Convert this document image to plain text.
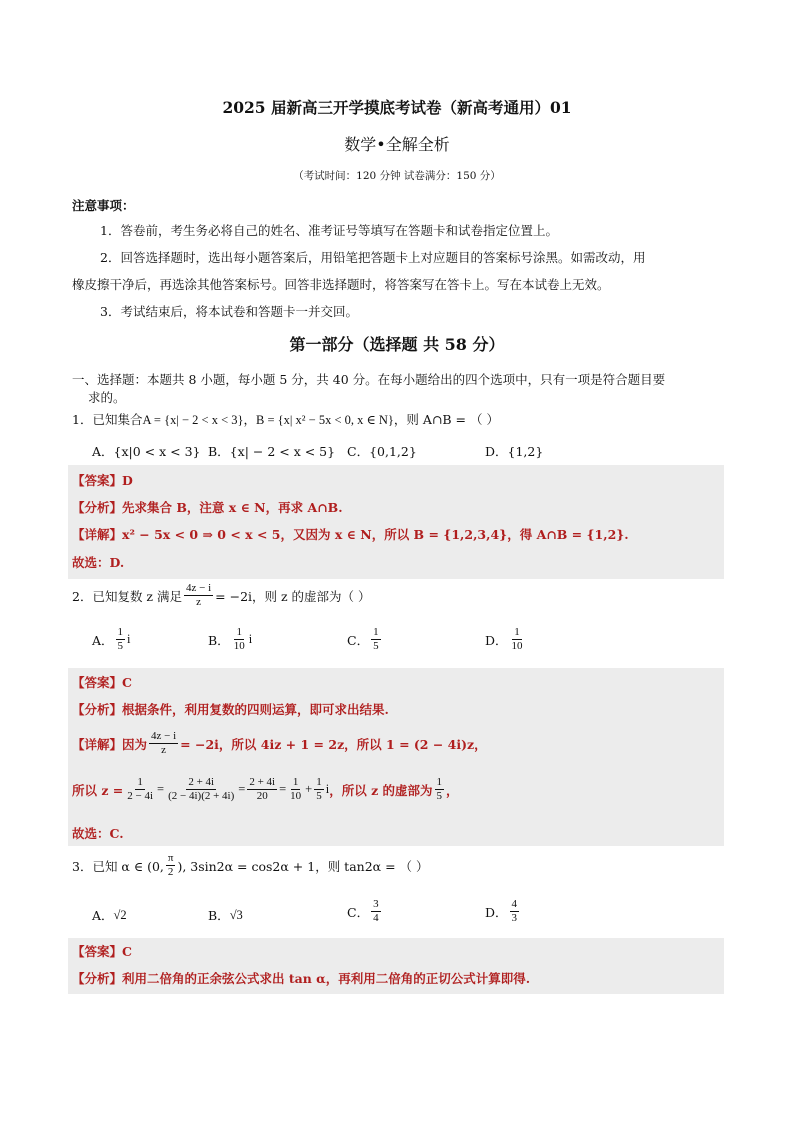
2025 届新高三开学摸底考试卷（新高考通用）01
数学•全解全析
（考试时间：120 分钟 试卷满分：150 分）
注意事项：
1．答卷前，考生务必将自己的姓名、准考证号等填写在答题卡和试卷指定位置上。
2．回答选择题时，选出每小题答案后，用铅笔把答题卡上对应题目的答案标号涂黑。如需改动，用
橡皮擦干净后，再选涂其他答案标号。回答非选择题时，将答案写在答卡上。写在本试卷上无效。
3．考试结束后，将本试卷和答题卡一并交回。
第一部分（选择题 共 58 分）
一、选择题：本题共 8 小题，每小题 5 分，共 40 分。在每小题给出的四个选项中，只有一项是符合题目要
求的。
1．已知集合A = {x| − 2 < x < 3}，B = {x| x² − 5x < 0, x ∈ N}，则 A∩B = （ ）
A．{x|0 < x < 3} B．{x| − 2 < x < 5} C．{0,1,2}	D．{1,2}
【答案】D
【分析】先求集合 B，注意 x ∈ N，再求 A∩B.
【详解】x² − 5x < 0 ⇒ 0 < x < 5，又因为 x ∈ N，所以 B = {1,2,3,4}，得 A∩B = {1,2}.
故选：D.
2．已知复数 z 满足 $\frac{4z - i}{z} = -2i$，则 z 的虚部为（ ）
A． $\frac{1}{5}$ i	B． $\frac{1}{10}$ i	C． $\frac{1}{5}$	D． $\frac{1}{10}$
【答案】C
【分析】根据条件，利用复数的四则运算，即可求出结果.
【详解】因为 $\frac{4z - i}{z} = -2i$，所以 4iz + 1 = 2z，所以 1 = (2 − 4i)z，
所以 $z = \frac{1}{2 - 4i} = \frac{2 + 4i}{(2 - 4i)(2 + 4i)} = \frac{2 + 4i}{20} = \frac{1}{10} + \frac{1}{5}$ i ，所以 z 的虚部为 $\frac{1}{5}$ ，
故选：C.
3．已知 α ∈ (0, $\frac{\pi}{2}$ ), 3sin2α = cos2α + 1，则 tan2α = （ ）
A． √2	B． √3	C． $\frac{3}{4}$	D． $\frac{4}{3}$
【答案】C
【分析】利用二倍角的正余弦公式求出 tan α，再利用二倍角的正切公式计算即得.
